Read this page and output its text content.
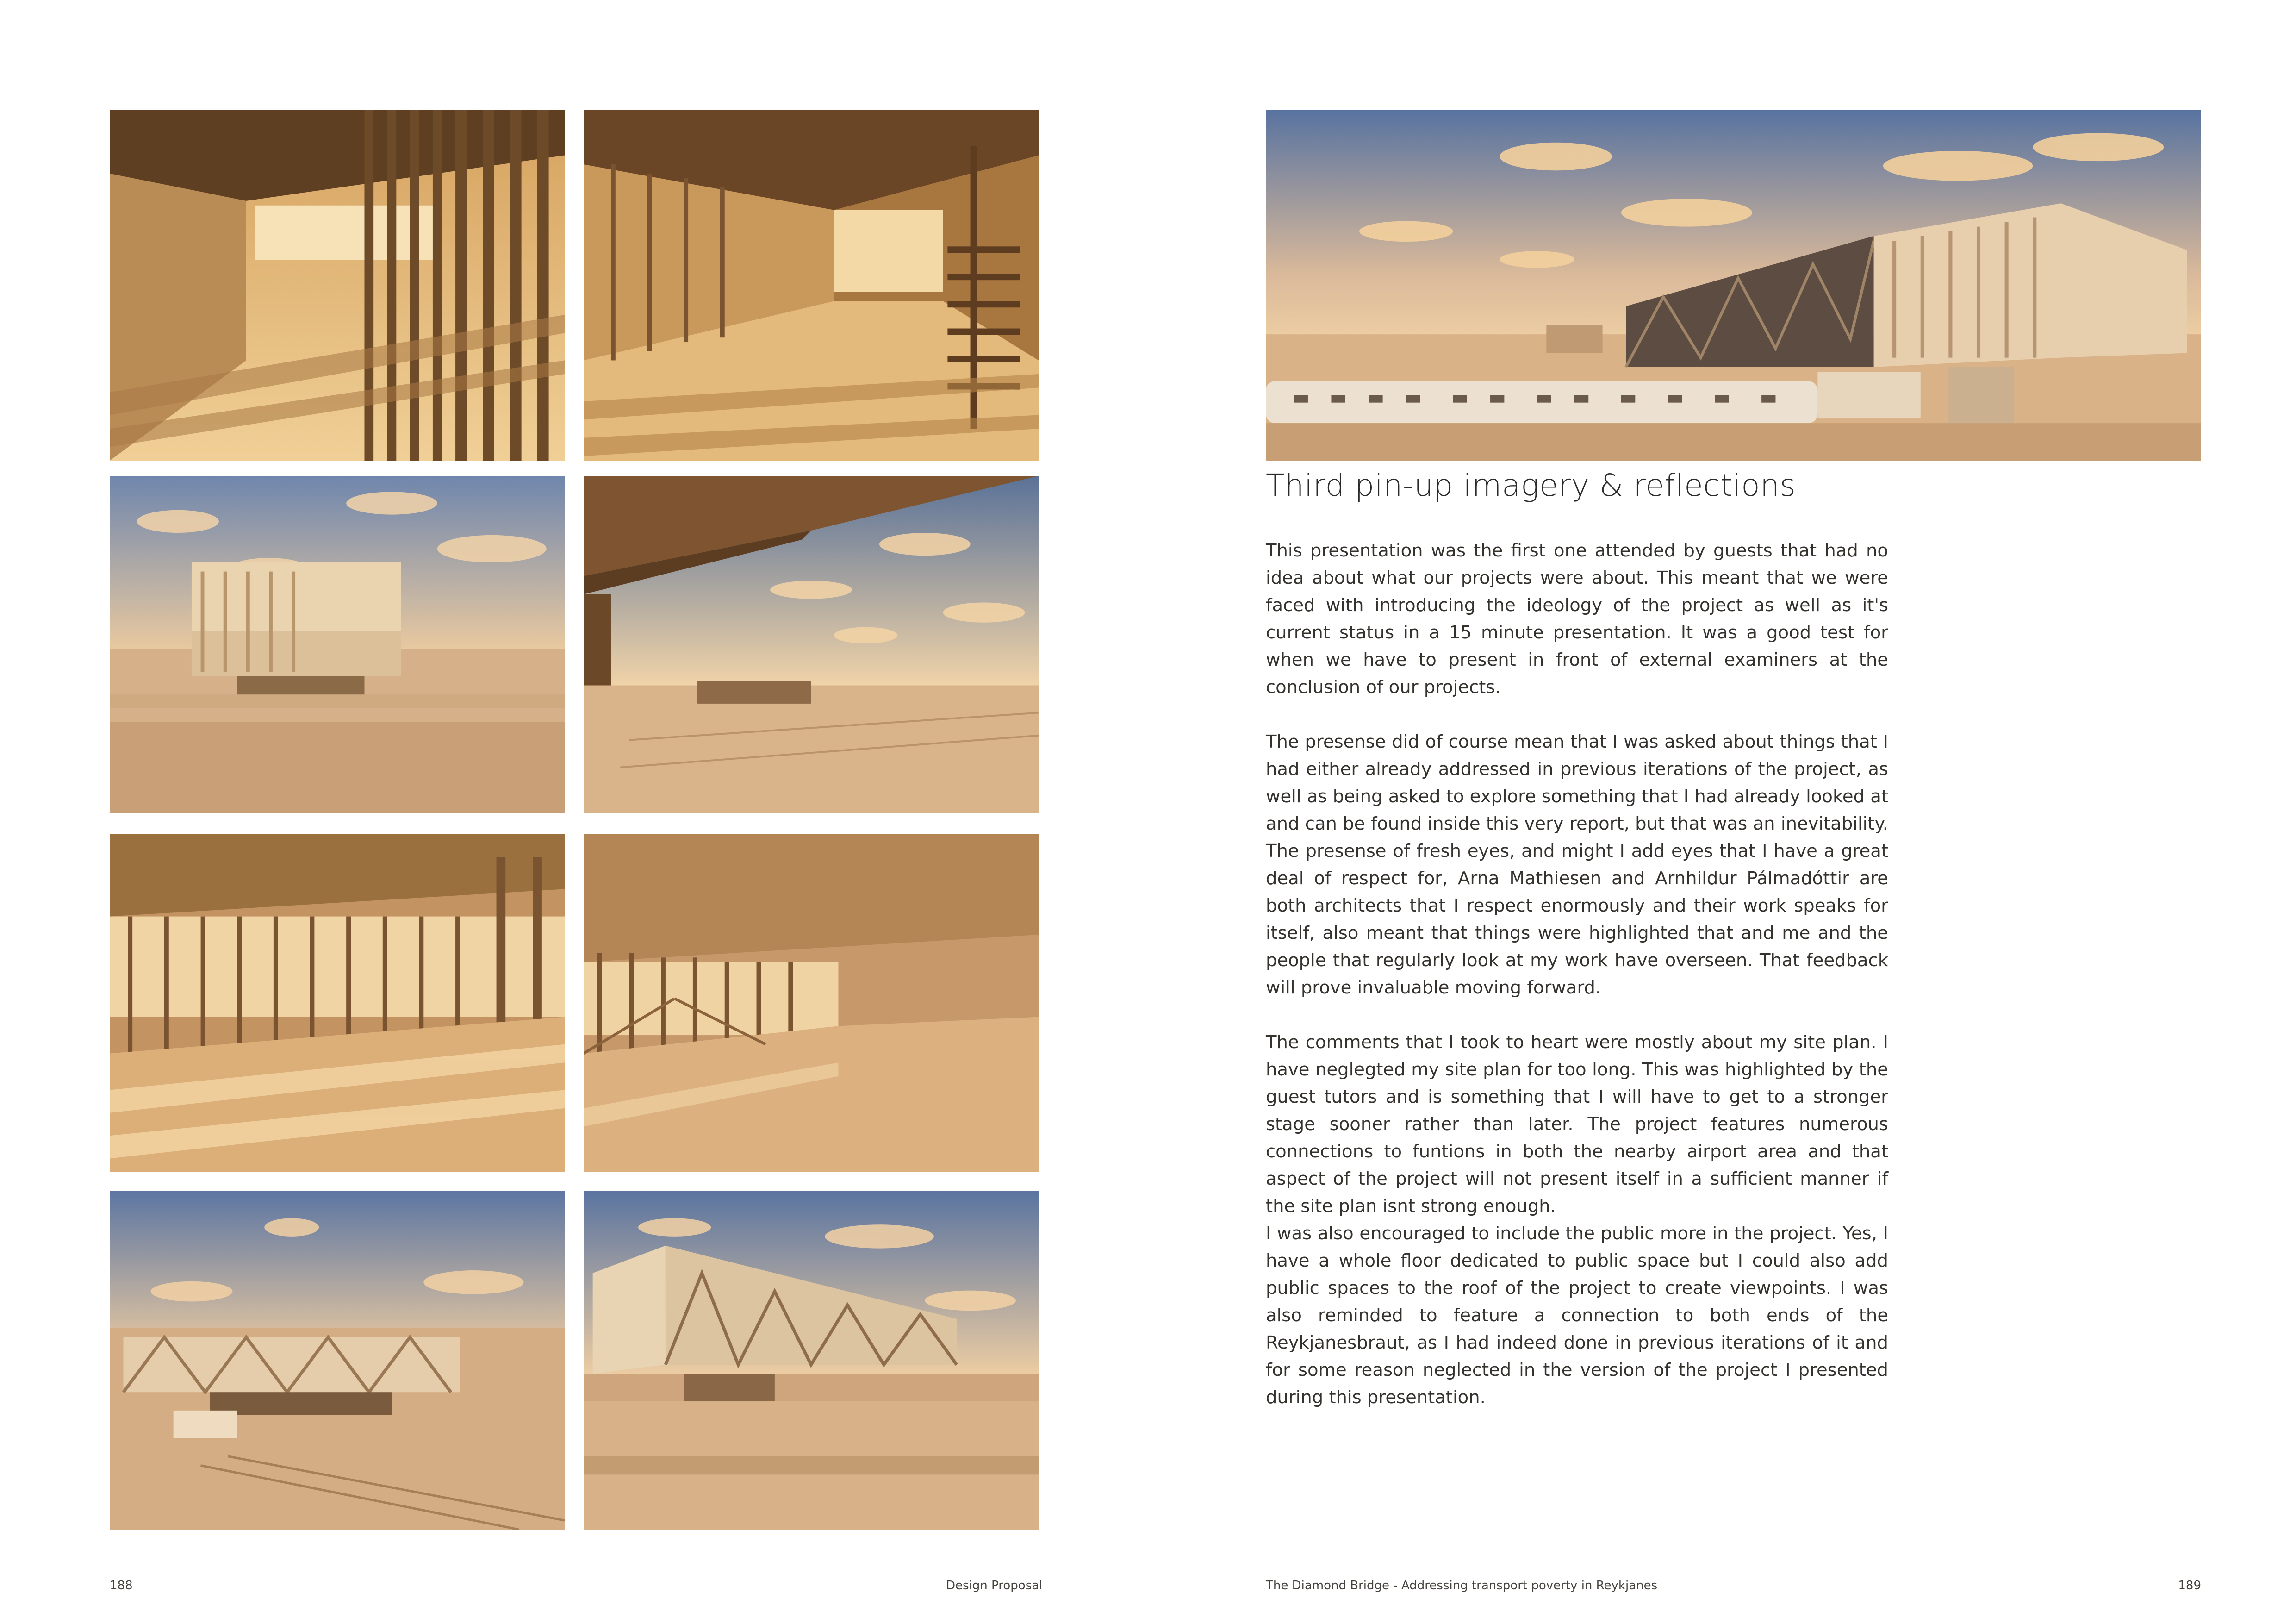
188	Design Proposal
Third pin-up imagery & reflections

This presentation was the first one attended by guests that had no idea about what our projects were about. This meant that we were faced with introducing the ideology of the project as well as it's current status in a 15 minute presentation. It was a good test for when we have to present in front of external examiners at the conclusion of our projects.

The presense did of course mean that I was asked about things that I had either already addressed in previous iterations of the project, as well as being asked to explore something that I had already looked at and can be found inside this very report, but that was an inevitability. The presense of fresh eyes, and might I add eyes that I have a great deal of respect for, Arna Mathiesen and Arnhildur Pálmadóttir are both architects that I respect enormously and their work speaks for itself, also meant that things were highlighted that and me and the people that regularly look at my work have overseen. That feedback will prove invaluable moving forward.

The comments that I took to heart were mostly about my site plan. I have neglegted my site plan for too long. This was highlighted by the guest tutors and is something that I will have to get to a stronger stage sooner rather than later. The project features numerous connections to funtions in both the nearby airport area and that aspect of the project will not present itself in a sufficient manner if the site plan isnt strong enough.

I was also encouraged to include the public more in the project. Yes, I have a whole floor dedicated to public space but I could also add public spaces to the roof of the project to create viewpoints. I was also reminded to feature a connection to both ends of the Reykjanesbraut, as I had indeed done in previous iterations of it and for some reason neglected in the version of the project I presented during this presentation.

The Diamond Bridge - Addressing transport poverty in Reykjanes	189
